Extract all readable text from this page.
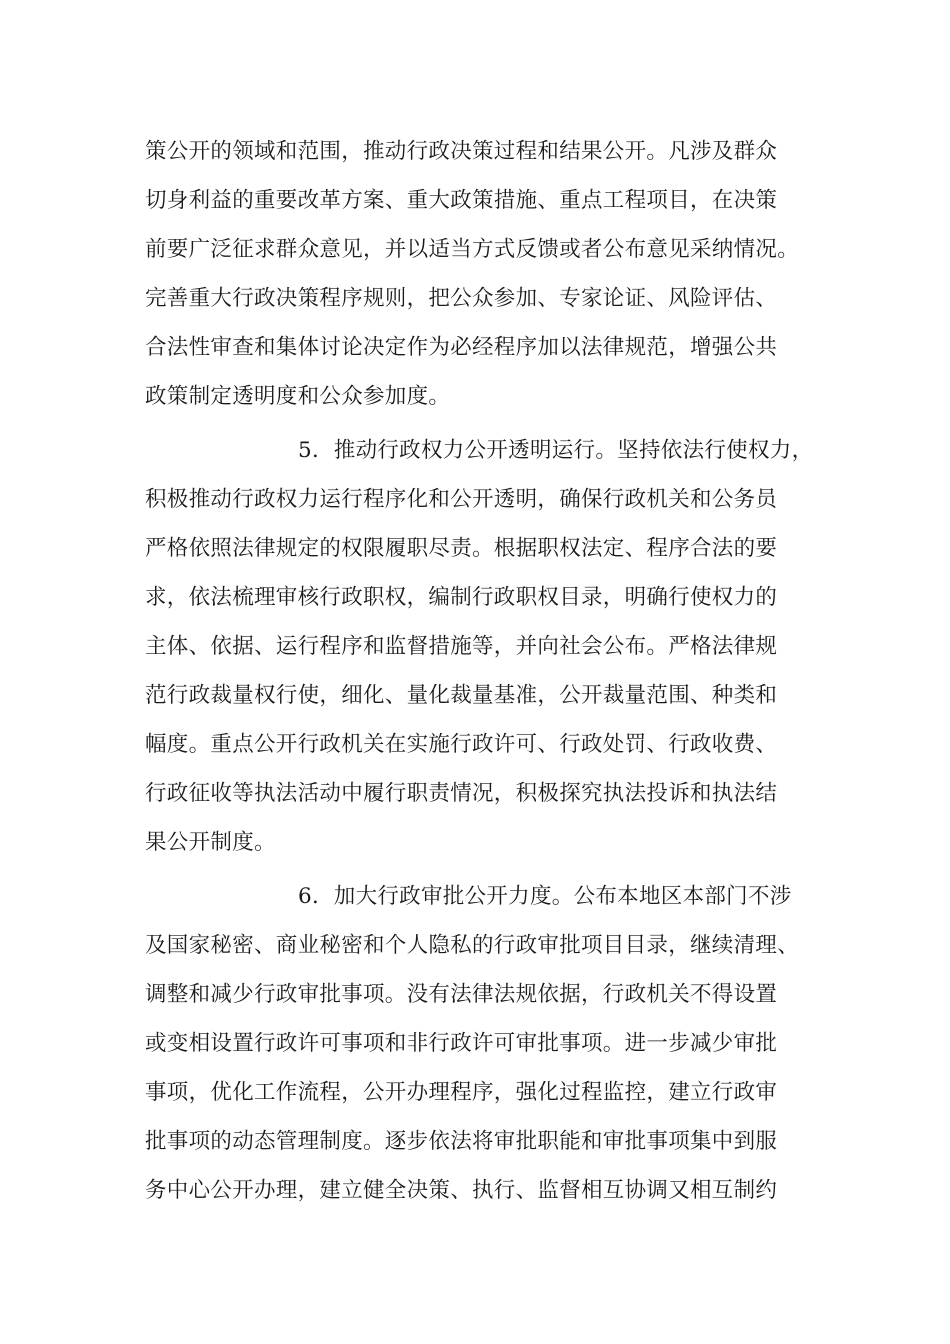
策公开的领域和范围，推动行政决策过程和结果公开。凡涉及群众
切身利益的重要改革方案、重大政策措施、重点工程项目，在决策
前要广泛征求群众意见，并以适当方式反馈或者公布意见采纳情况。
完善重大行政决策程序规则，把公众参加、专家论证、风险评估、
合法性审查和集体讨论决定作为必经程序加以法律规范，增强公共
政策制定透明度和公众参加度。
5．推动行政权力公开透明运行。坚持依法行使权力，
积极推动行政权力运行程序化和公开透明，确保行政机关和公务员
严格依照法律规定的权限履职尽责。根据职权法定、程序合法的要
求，依法梳理审核行政职权，编制行政职权目录，明确行使权力的
主体、依据、运行程序和监督措施等，并向社会公布。严格法律规
范行政裁量权行使，细化、量化裁量基准，公开裁量范围、种类和
幅度。重点公开行政机关在实施行政许可、行政处罚、行政收费、
行政征收等执法活动中履行职责情况，积极探究执法投诉和执法结
果公开制度。
6．加大行政审批公开力度。公布本地区本部门不涉
及国家秘密、商业秘密和个人隐私的行政审批项目目录，继续清理、
调整和减少行政审批事项。没有法律法规依据，行政机关不得设置
或变相设置行政许可事项和非行政许可审批事项。进一步减少审批
事项，优化工作流程，公开办理程序，强化过程监控，建立行政审
批事项的动态管理制度。逐步依法将审批职能和审批事项集中到服
务中心公开办理，建立健全决策、执行、监督相互协调又相互制约
